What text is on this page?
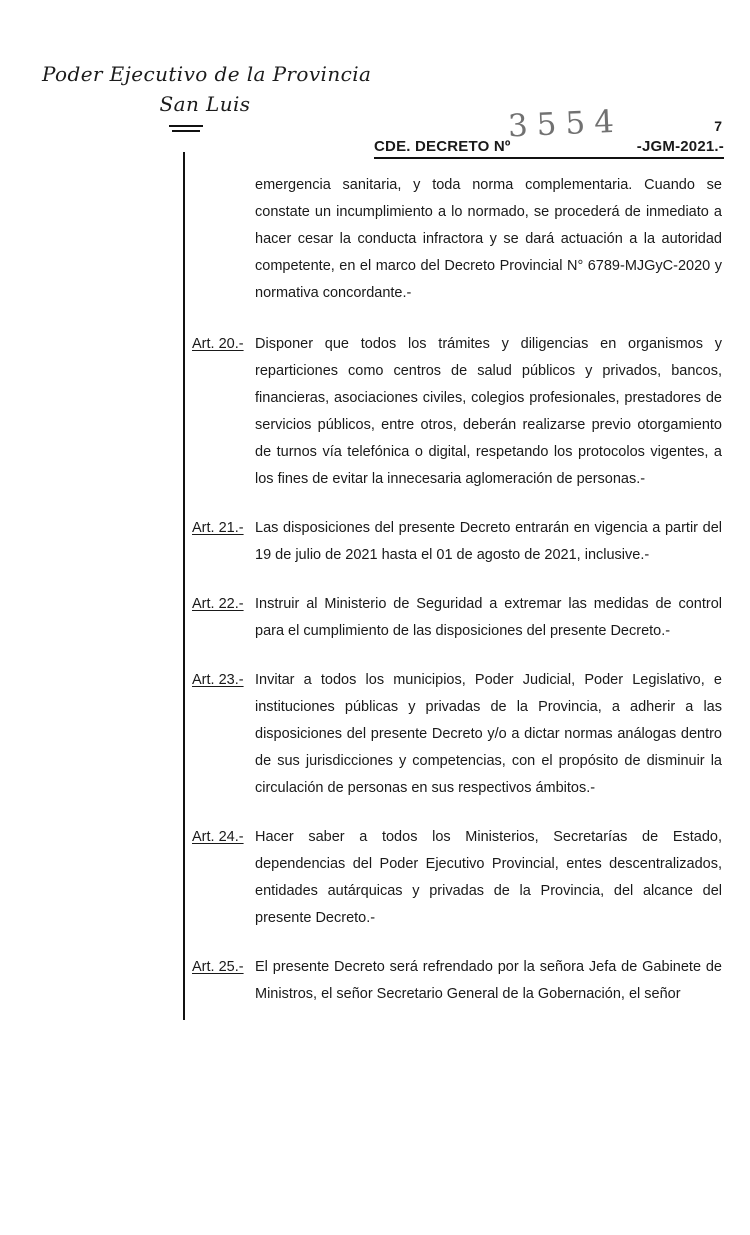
Poder Ejecutivo de la Provincia
San Luis
7
3554
CDE. DECRETO Nº	-JGM-2021.-
emergencia sanitaria, y toda norma complementaria. Cuando se constate un incumplimiento a lo normado, se procederá de inmediato a hacer cesar la conducta infractora y se dará actuación a la autoridad competente, en el marco del Decreto Provincial N° 6789-MJGyC-2020 y normativa concordante.-
Art. 20.- Disponer que todos los trámites y diligencias en organismos y reparticiones como centros de salud públicos y privados, bancos, financieras, asociaciones civiles, colegios profesionales, prestadores de servicios públicos, entre otros, deberán realizarse previo otorgamiento de turnos vía telefónica o digital, respetando los protocolos vigentes, a los fines de evitar la innecesaria aglomeración de personas.-
Art. 21.- Las disposiciones del presente Decreto entrarán en vigencia a partir del 19 de julio de 2021 hasta el 01 de agosto de 2021, inclusive.-
Art. 22.- Instruir al Ministerio de Seguridad a extremar las medidas de control para el cumplimiento de las disposiciones del presente Decreto.-
Art. 23.- Invitar a todos los municipios, Poder Judicial, Poder Legislativo, e instituciones públicas y privadas de la Provincia, a adherir a las disposiciones del presente Decreto y/o a dictar normas análogas dentro de sus jurisdicciones y competencias, con el propósito de disminuir la circulación de personas en sus respectivos ámbitos.-
Art. 24.- Hacer saber a todos los Ministerios, Secretarías de Estado, dependencias del Poder Ejecutivo Provincial, entes descentralizados, entidades autárquicas y privadas de la Provincia, del alcance del presente Decreto.-
Art. 25.- El presente Decreto será refrendado por la señora Jefa de Gabinete de Ministros, el señor Secretario General de la Gobernación, el señor
